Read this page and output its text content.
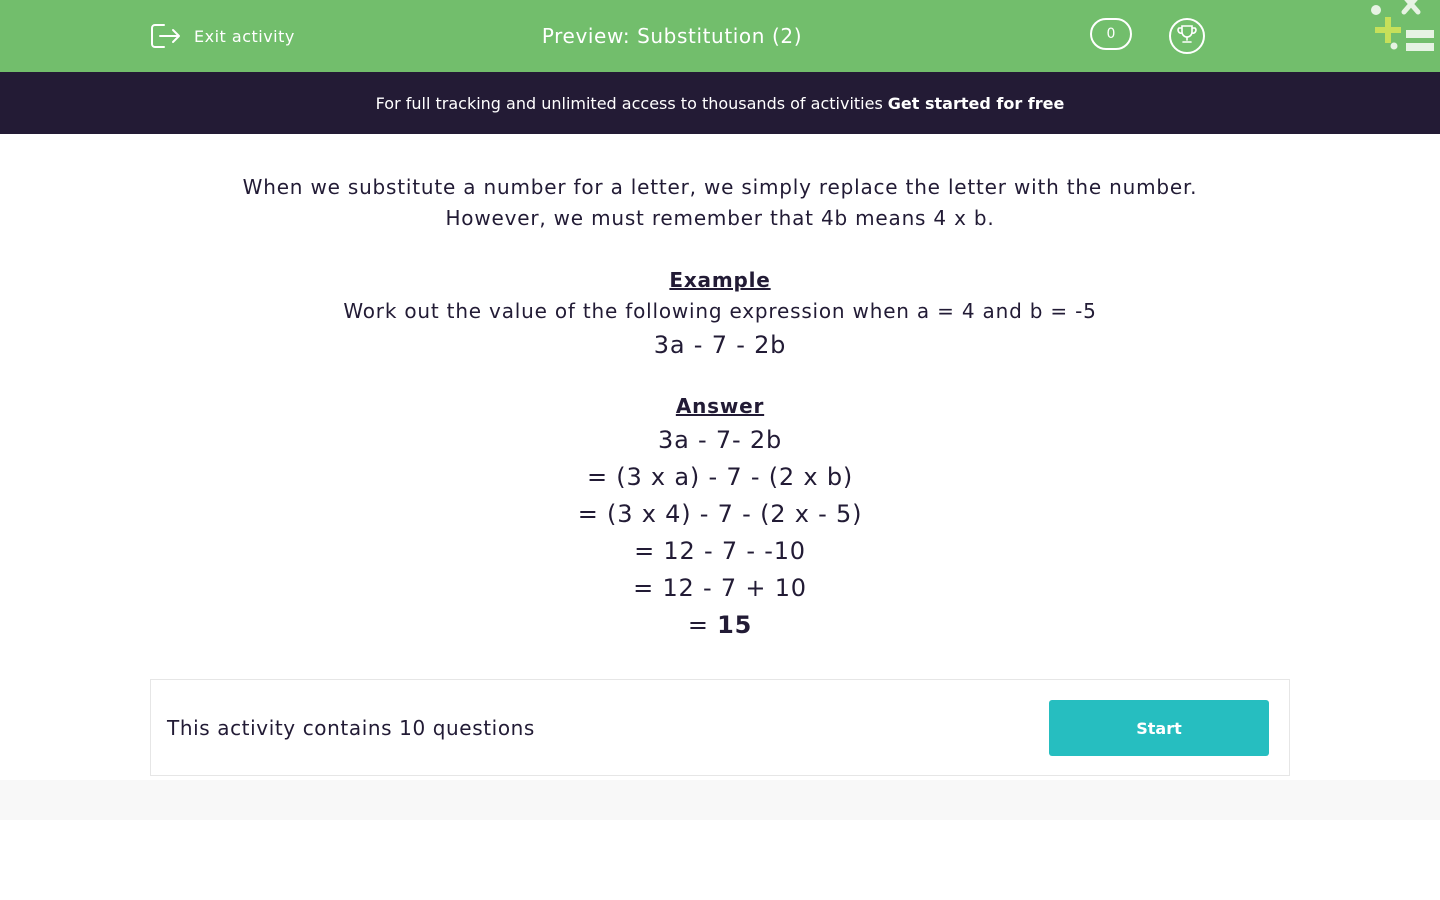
Exit activity	Preview: Substitution (2)	0
For full tracking and unlimited access to thousands of activities Get started for free
When we substitute a number for a letter, we simply replace the letter with the number.
However, we must remember that 4b means 4 x b.
Example
Work out the value of the following expression when a = 4 and b = -5
3a - 7 - 2b
Answer
3a - 7- 2b
= (3 x a) - 7 - (2 x b)
= (3 x 4) - 7 - (2 x - 5)
= 12 - 7 - -10
= 12 - 7 + 10
= 15
This activity contains 10 questions	Start
